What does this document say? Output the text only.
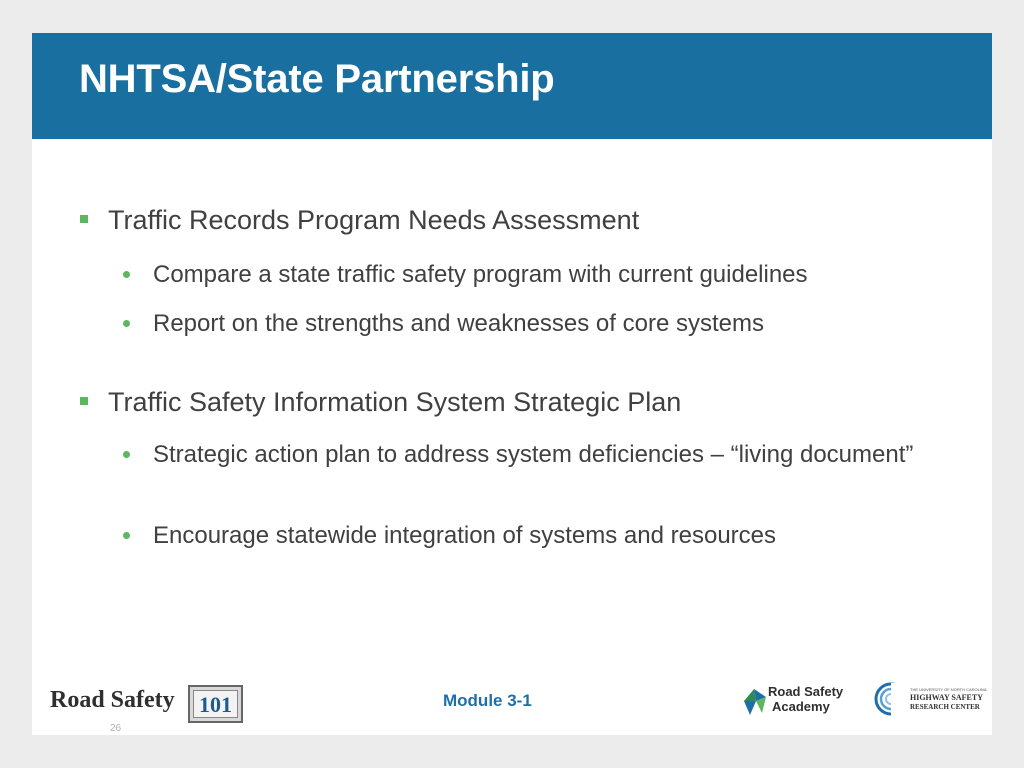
NHTSA/State Partnership
Traffic Records Program Needs Assessment
Compare a state traffic safety program with current guidelines
Report on the strengths and weaknesses of core systems
Traffic Safety Information System Strategic Plan
Strategic action plan to address system deficiencies – “living document”
Encourage statewide integration of systems and resources
Road Safety 101
26
Module 3-1	Road Safety
Academy
THE UNIVERSITY OF NORTH CAROLINA
HIGHWAY SAFETY
RESEARCH CENTER
